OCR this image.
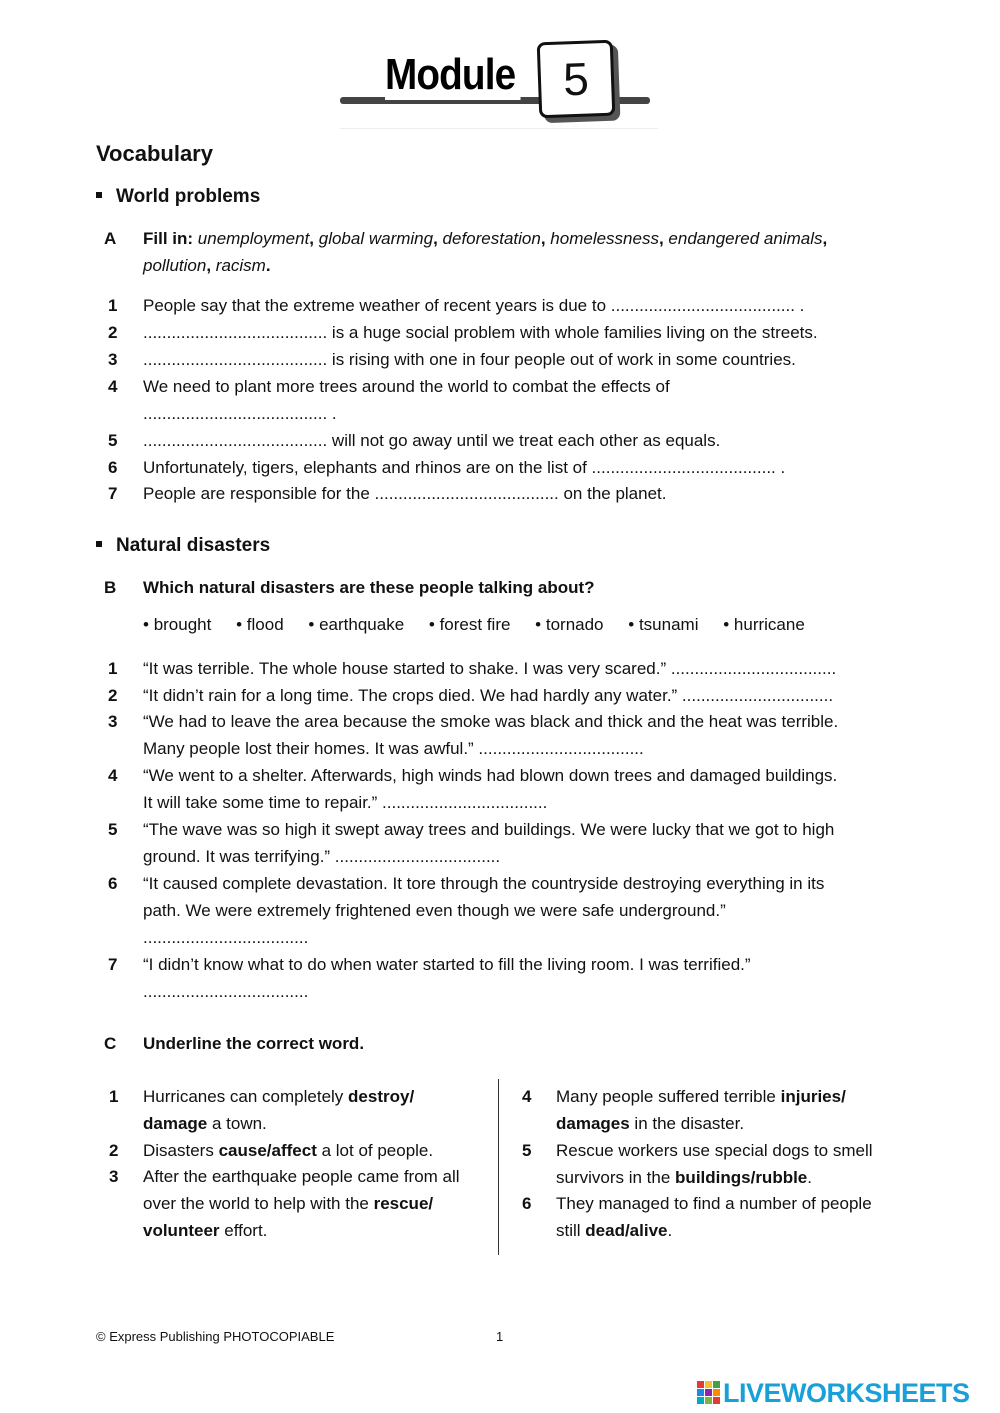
Module	5
Vocabulary
World problems
A Fill in: unemployment, global warming, deforestation, homelessness, endangered animals,
pollution, racism.
1 People say that the extreme weather of recent years is due to ....................................... .
2 ....................................... is a huge social problem with whole families living on the streets.
3 ....................................... is rising with one in four people out of work in some countries.
4 We need to plant more trees around the world to combat the effects of
....................................... .
5 ....................................... will not go away until we treat each other as equals.
6 Unfortunately, tigers, elephants and rhinos are on the list of ....................................... .
7 People are responsible for the ....................................... on the planet.
Natural disasters
B Which natural disasters are these people talking about?
• brought • flood • earthquake • forest fire • tornado • tsunami • hurricane
1 “It was terrible. The whole house started to shake. I was very scared.” ...................................
2 “It didn’t rain for a long time. The crops died. We had hardly any water.” ................................
3 “We had to leave the area because the smoke was black and thick and the heat was terrible.
Many people lost their homes. It was awful.” ...................................
4 “We went to a shelter. Afterwards, high winds had blown down trees and damaged buildings.
It will take some time to repair.” ...................................
5 “The wave was so high it swept away trees and buildings. We were lucky that we got to high
ground. It was terrifying.” ...................................
6 “It caused complete devastation. It tore through the countryside destroying everything in its
path. We were extremely frightened even though we were safe underground.”
...................................
7 “I didn’t know what to do when water started to fill the living room. I was terrified.”
...................................
C Underline the correct word.
1 Hurricanes can completely destroy/
damage a town.
2 Disasters cause/affect a lot of people.
3 After the earthquake people came from all
over the world to help with the rescue/
volunteer effort.
4 Many people suffered terrible injuries/
damages in the disaster.
5 Rescue workers use special dogs to smell
survivors in the buildings/rubble.
6 They managed to find a number of people
still dead/alive.
© Express Publishing PHOTOCOPIABLE	1
LIVEWORKSHEETS
